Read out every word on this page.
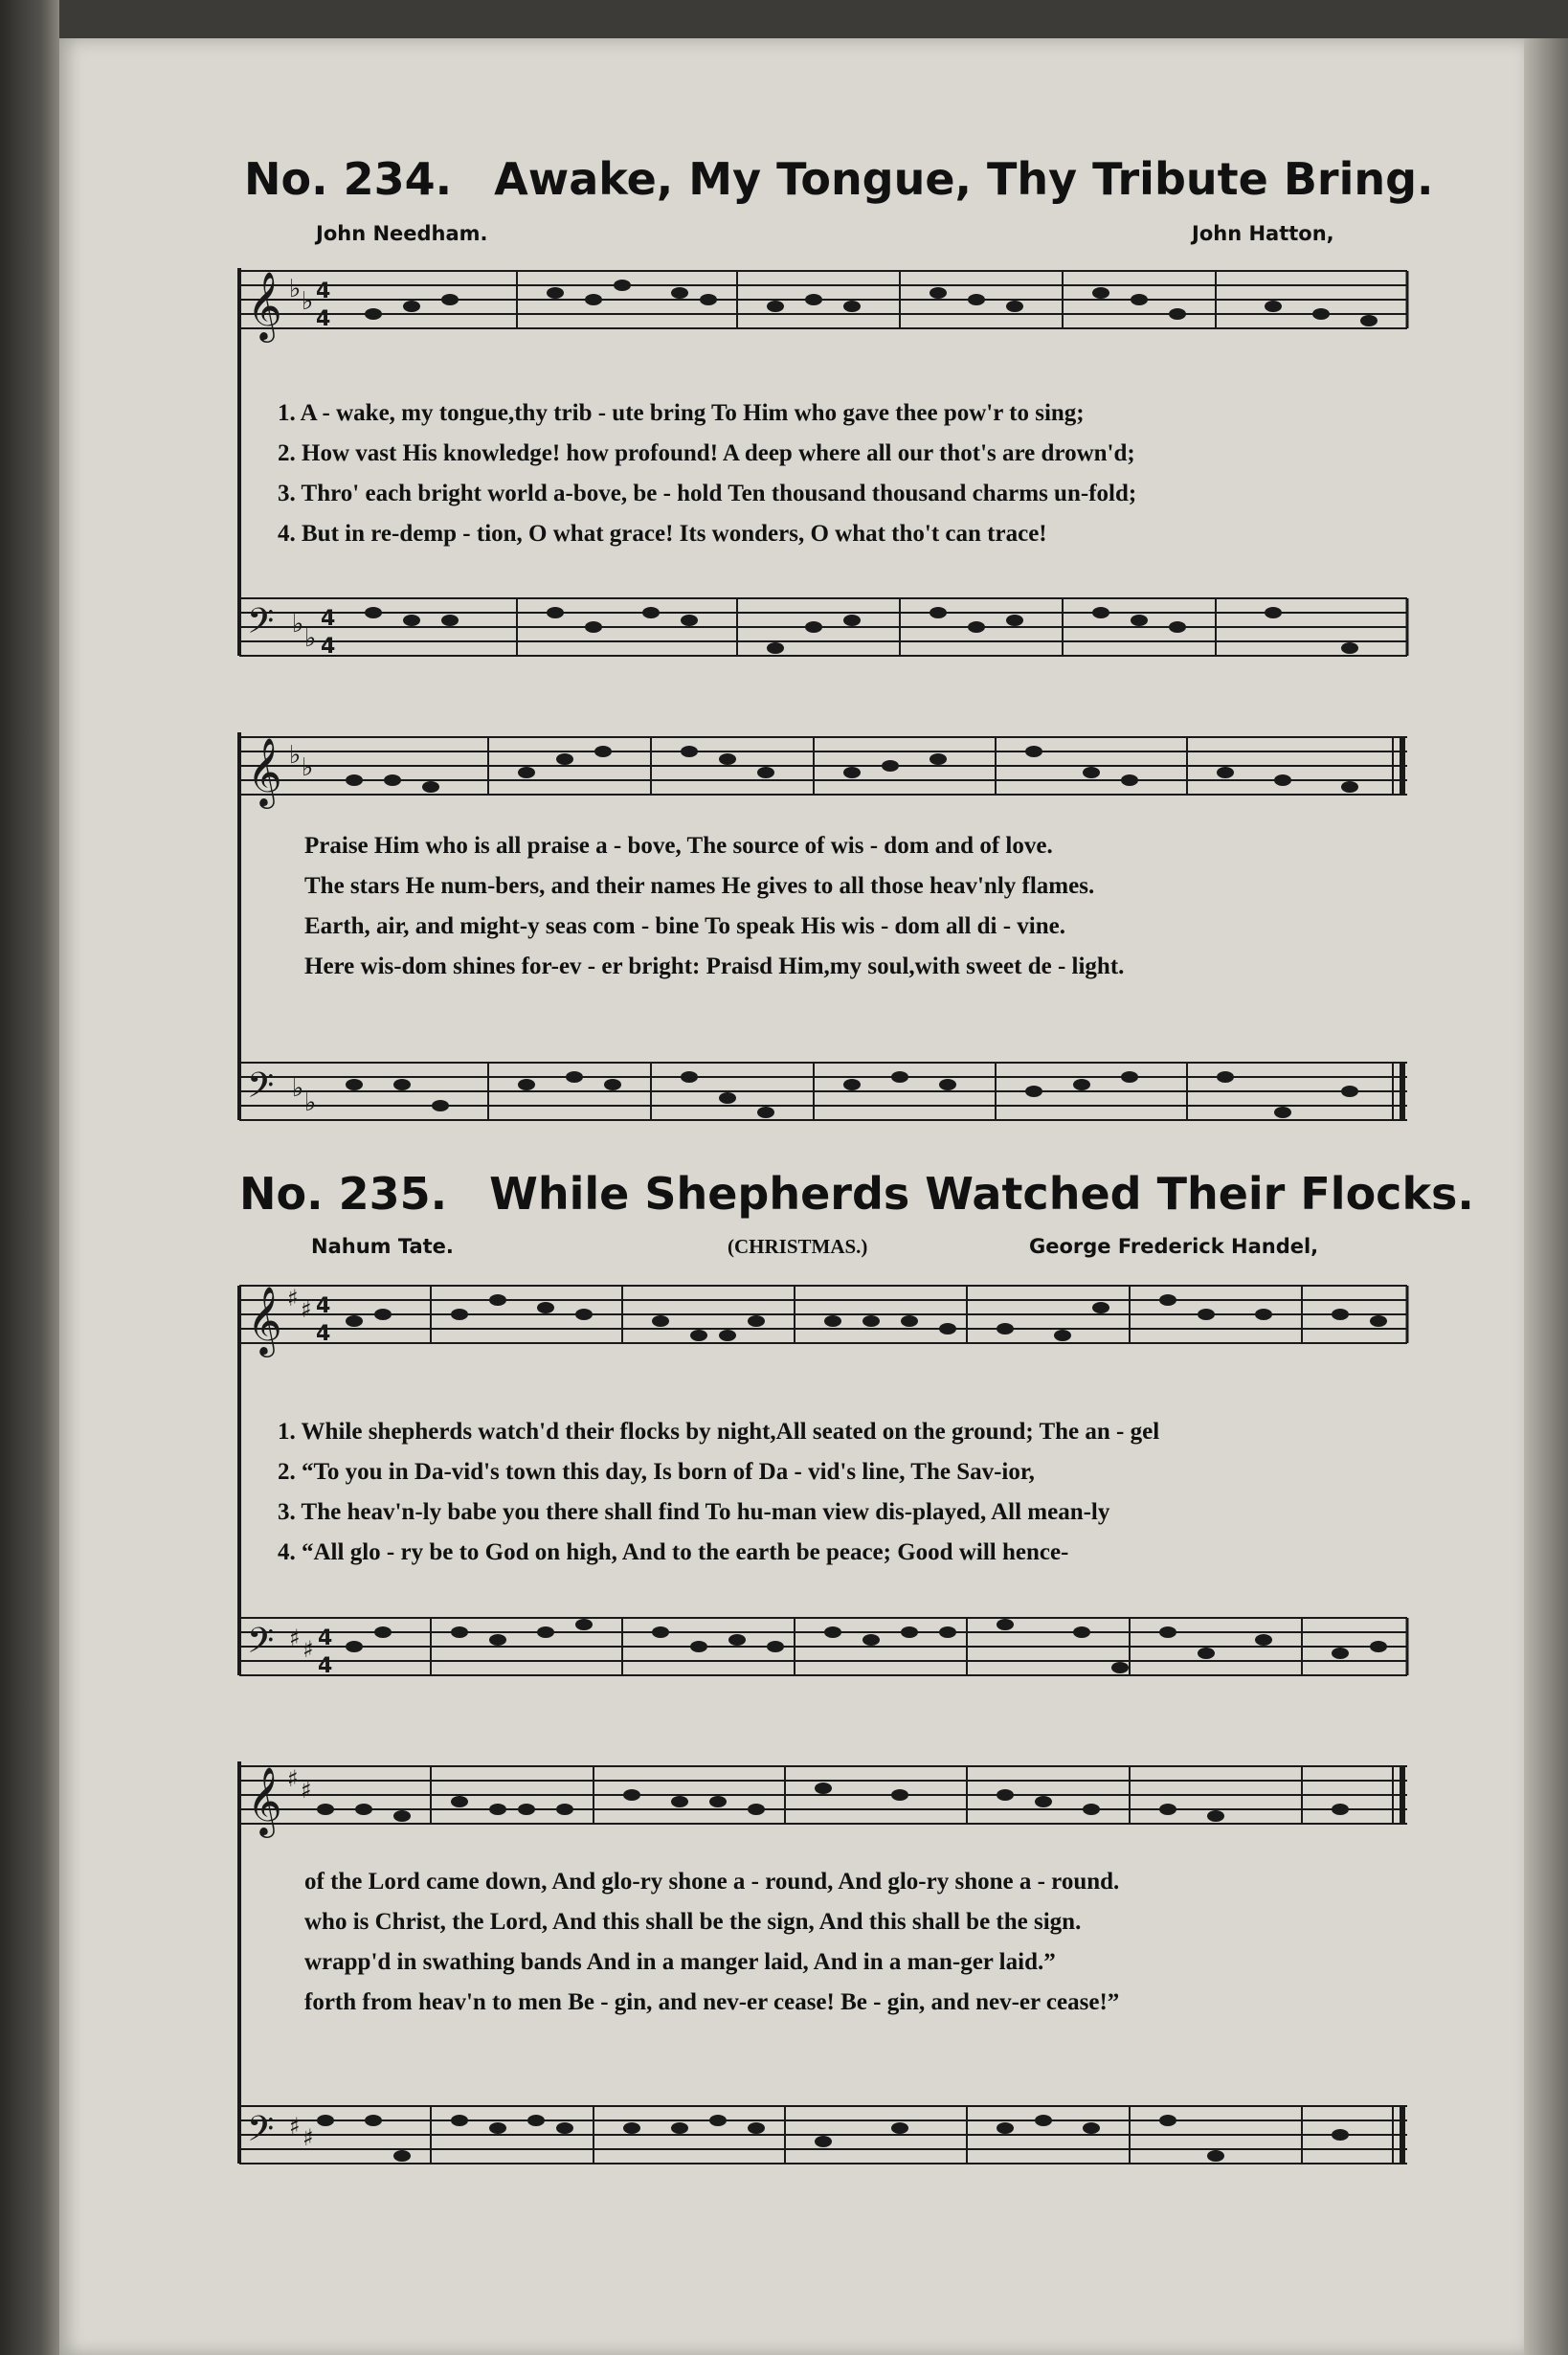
No. 234. Awake, My Tongue, Thy Tribute Bring.
John Needham.	John Hatton,
𝄞 ♭ ♭ 4
4
1. A - wake, my tongue,thy trib - ute bring To Him who gave thee pow'r to sing;
2. How vast His knowledge! how profound! A deep where all our thot's are drown'd;
3. Thro' each bright world a-bove, be - hold Ten thousand thousand charms un-fold;
4. But in re-demp - tion, O what grace! Its wonders, O what tho't can trace!
𝄢 ♭ ♭
4
4
𝄞 ♭ ♭
Praise Him who is all praise a - bove, The source of wis - dom and of love.
The stars He num-bers, and their names He gives to all those heav'nly flames.
Earth, air, and might-y seas com - bine To speak His wis - dom all di - vine.
Here wis-dom shines for-ev - er bright: Praisd Him,my soul,with sweet de - light.
𝄢 ♭ ♭
No. 235. While Shepherds Watched Their Flocks.
Nahum Tate.	(CHRISTMAS.)	George Frederick Handel,
𝄞 ♯ ♯ 4
4
1. While shepherds watch'd their flocks by night,All seated on the ground; The an - gel
2. “To you in Da-vid's town this day, Is born of Da - vid's line, The Sav-ior,
3. The heav'n-ly babe you there shall find To hu-man view dis-played, All mean-ly
4. “All glo - ry be to God on high, And to the earth be peace; Good will hence-
𝄢 ♯ ♯ 4
4
𝄞 ♯ ♯
of the Lord came down, And glo-ry shone a - round, And glo-ry shone a - round.
who is Christ, the Lord, And this shall be the sign, And this shall be the sign.
wrapp'd in swathing bands And in a manger laid, And in a man-ger laid.”
forth from heav'n to men Be - gin, and nev-er cease! Be - gin, and nev-er cease!”
𝄢 ♯ ♯
